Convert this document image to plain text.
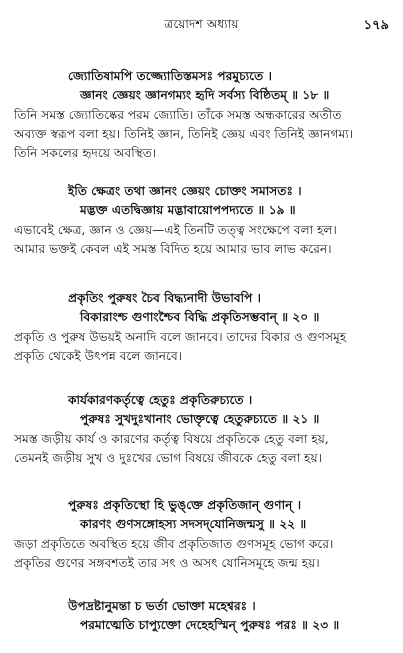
ত্রয়োদশ অধ্যায়	১৭৯
জ্যোতিষামপি তজ্জ্যোতিস্তমসঃ পরমুচ্যতে ।
জ্ঞানং জ্ঞেয়ং জ্ঞানগম্যং হৃদি সর্বস্য বিষ্ঠিতম্ ॥ ১৮ ॥
তিনি সমস্ত জ্যোতিষ্কের পরম জ্যোতি। তাঁকে সমস্ত অন্ধকারের অতীত
অব্যক্ত স্বরূপ বলা হয়। তিনিই জ্ঞান, তিনিই জ্ঞেয় এবং তিনিই জ্ঞানগম্য।
তিনি সকলের হৃদয়ে অবস্থিত।
ইতি ক্ষেত্রং তথা জ্ঞানং জ্ঞেয়ং চোক্তং সমাসতঃ ।
মদ্ভক্ত এতদ্বিজ্ঞায় মদ্ভাবায়োপপদ্যতে ॥ ১৯ ॥
এভাবেই ক্ষেত্র, জ্ঞান ও জ্ঞেয়—এই তিনটি তত্ত্ব সংক্ষেপে বলা হল।
আমার ভক্তই কেবল এই সমস্ত বিদিত হয়ে আমার ভাব লাভ করেন।
প্রকৃতিং পুরুষং চৈব বিদ্ধ্যনাদী উভাবপি ।
বিকারাংশ্চ গুণাংশ্চৈব বিদ্ধি প্রকৃতিসম্ভবান্ ॥ ২০ ॥
প্রকৃতি ও পুরুষ উভয়ই অনাদি বলে জানবে। তাদের বিকার ও গুণসমূহ
প্রকৃতি থেকেই উৎপন্ন বলে জানবে।
কার্যকারণকর্তৃত্বে হেতুঃ প্রকৃতিরুচ্যতে ।
পুরুষঃ সুখদুঃখানাং ভোক্তৃত্বে হেতুরুচ্যতে ॥ ২১ ॥
সমস্ত জড়ীয় কার্য ও কারণের কর্তৃত্ব বিষয়ে প্রকৃতিকে হেতু বলা হয়,
তেমনই জড়ীয় সুখ ও দুঃখের ভোগ বিষয়ে জীবকে হেতু বলা হয়।
পুরুষঃ প্রকৃতিস্থো হি ভুঙ্‌ক্তে প্রকৃতিজান্ গুণান্ ।
কারণং গুণসঙ্গোহস্য সদসদ্‌যোনিজন্মসু ॥ ২২ ॥
জড়া প্রকৃতিতে অবস্থিত হয়ে জীব প্রকৃতিজাত গুণসমূহ ভোগ করে।
প্রকৃতির গুণের সঙ্গবশতই তার সৎ ও অসৎ যোনিসমূহে জন্ম হয়।
উপদ্রষ্টানুমন্তা চ ভর্তা ভোক্তা মহেশ্বরঃ ।
পরমাত্মেতি চাপ্যুক্তো দেহেহস্মিন্ পুরুষঃ পরঃ ॥ ২৩ ॥
